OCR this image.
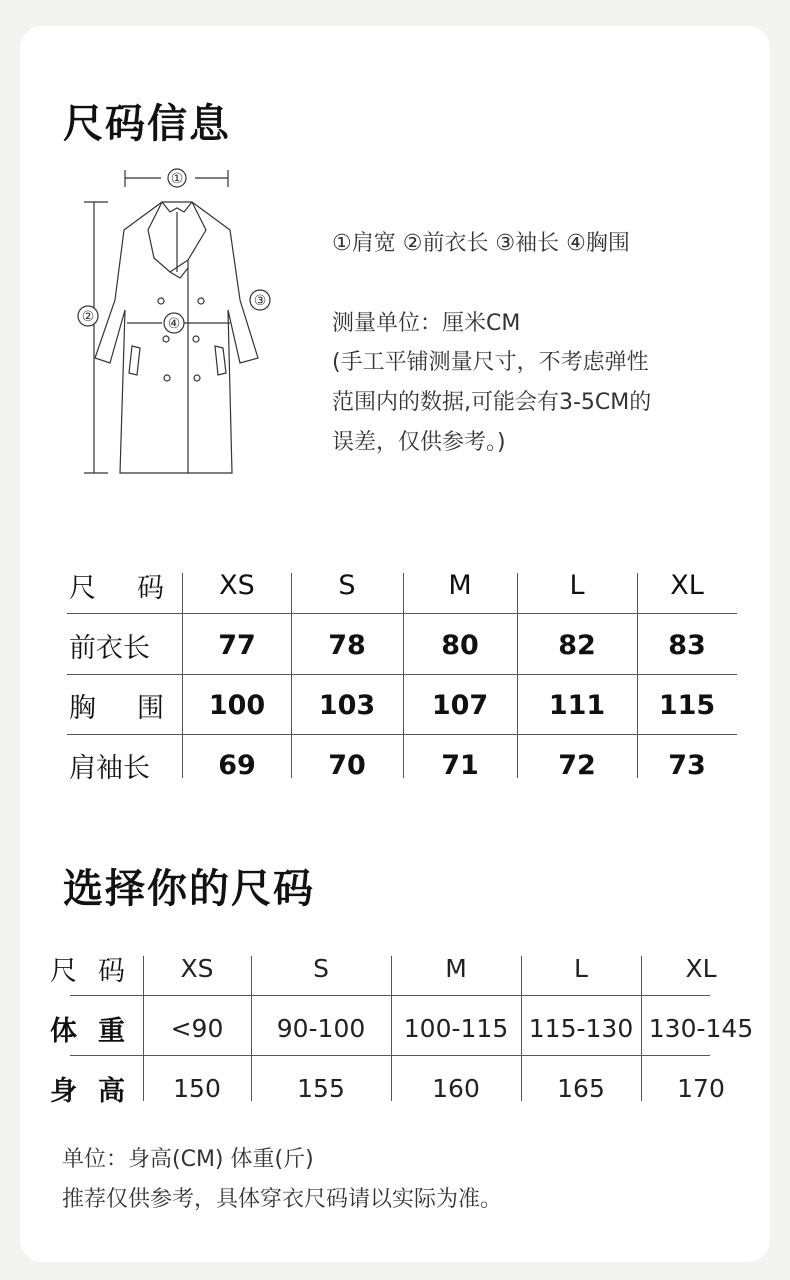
尺码信息
①
②
③
④
①肩宽 ②前衣长 ③袖长 ④胸围
测量单位：厘米CM
(手工平铺测量尺寸，不考虑弹性
范围内的数据,可能会有3-5CM的
误差，仅供参考。)
尺 码	XS	S	M	L	XL
前衣长	77	78	80	82	83
胸 围	100	103	107	111	115
肩袖长	69	70	71	72	73
选择你的尺码
尺 码	XS	S	M	L	XL
体 重	<90	90-100	100-115 115-130 130-145
身 高	150	155	160	165	170
单位：身高(CM) 体重(斤)
推荐仅供参考，具体穿衣尺码请以实际为准。
